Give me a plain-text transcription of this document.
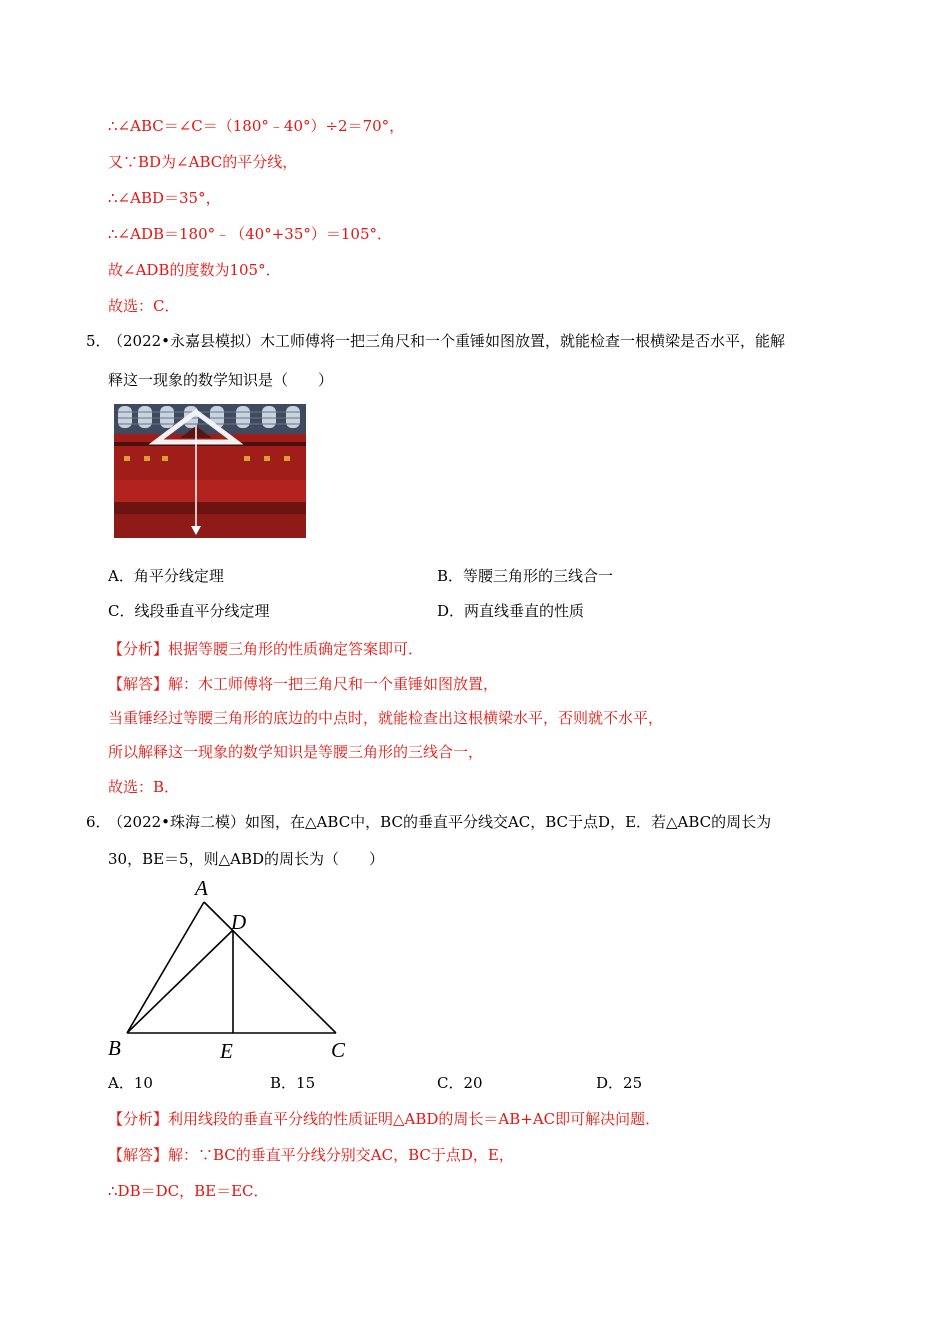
∴∠ABC＝∠C＝（180°﹣40°）÷2＝70°，
又∵BD为∠ABC的平分线，
∴∠ABD＝35°，
∴∠ADB＝180°﹣（40°+35°）＝105°．
故∠ADB的度数为105°．
故选：C．
5．
（2022•永嘉县模拟）木工师傅将一把三角尺和一个重锤如图放置，就能检查一根横梁是否水平，能解
释这一现象的数学知识是（　　）
A．角平分线定理	B．等腰三角形的三线合一
C．线段垂直平分线定理	D．两直线垂直的性质
【分析】根据等腰三角形的性质确定答案即可．
【解答】解：木工师傅将一把三角尺和一个重锤如图放置，
当重锤经过等腰三角形的底边的中点时，就能检查出这根横梁水平，否则就不水平，
所以解释这一现象的数学知识是等腰三角形的三线合一，
故选：B．
6．
（2022•珠海二模）如图，在△ABC中，BC的垂直平分线交AC，BC于点D，E．若△ABC的周长为
30，BE＝5，则△ABD的周长为（　　）
A
D
B	E	C
A．10	B．15	C．20	D．25
【分析】利用线段的垂直平分线的性质证明△ABD的周长＝AB+AC即可解决问题．
【解答】解：∵BC的垂直平分线分别交AC，BC于点D，E，
∴DB＝DC，BE＝EC．
